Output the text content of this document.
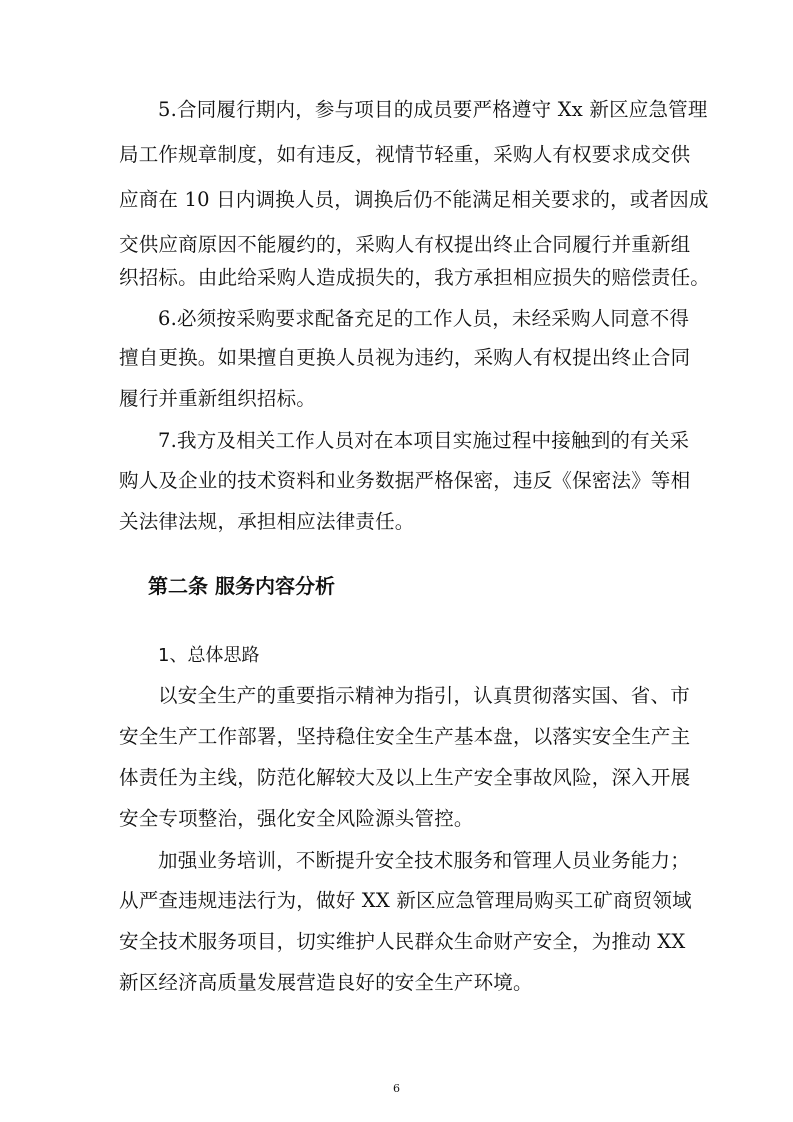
5.合同履行期内，参与项目的成员要严格遵守 Xx 新区应急管理
局工作规章制度，如有违反，视情节轻重，采购人有权要求成交供
应商在 10 日内调换人员，调换后仍不能满足相关要求的，或者因成
交供应商原因不能履约的，采购人有权提出终止合同履行并重新组
织招标。由此给采购人造成损失的，我方承担相应损失的赔偿责任。
6.必须按采购要求配备充足的工作人员，未经采购人同意不得
擅自更换。如果擅自更换人员视为违约，采购人有权提出终止合同
履行并重新组织招标。
7.我方及相关工作人员对在本项目实施过程中接触到的有关采
购人及企业的技术资料和业务数据严格保密，违反《保密法》等相
关法律法规，承担相应法律责任。
第二条 服务内容分析
1、总体思路
以安全生产的重要指示精神为指引，认真贯彻落实国、省、市
安全生产工作部署，坚持稳住安全生产基本盘，以落实安全生产主
体责任为主线，防范化解较大及以上生产安全事故风险，深入开展
安全专项整治，强化安全风险源头管控。
加强业务培训，不断提升安全技术服务和管理人员业务能力；
从严查违规违法行为，做好 XX 新区应急管理局购买工矿商贸领域
安全技术服务项目，切实维护人民群众生命财产安全，为推动 XX
新区经济高质量发展营造良好的安全生产环境。
6
